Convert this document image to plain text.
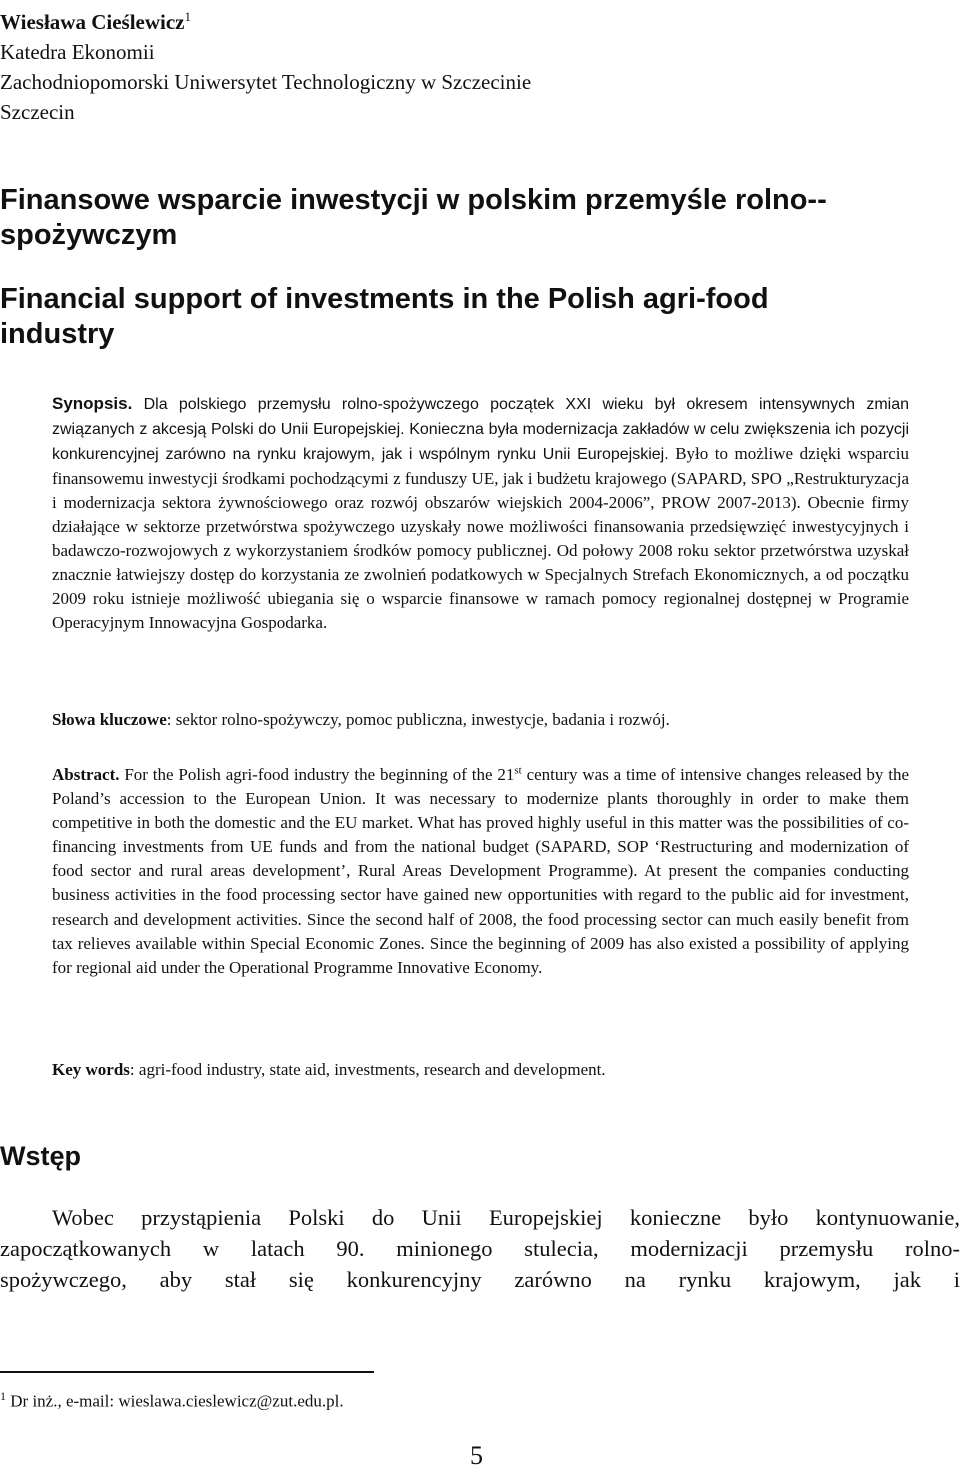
Wiesława Cieślewicz$^1$
Katedra Ekonomii
Zachodniopomorski Uniwersytet Technologiczny w Szczecinie
Szczecin
Finansowe wsparcie inwestycji w polskim przemyśle rolno--spożywczym
Financial support of investments in the Polish agri-food industry

Synopsis. Dla polskiego przemysłu rolno-spożywczego początek XXI wieku był okresem intensywnych zmian związanych z akcesją Polski do Unii Europejskiej. Konieczna była modernizacja zakładów w celu zwiększenia ich pozycji konkurencyjnej zarówno na rynku krajowym, jak i wspólnym rynku Unii Europejskiej. Było to możliwe dzięki wsparciu finansowemu inwestycji środkami pochodzącymi z funduszy UE, jak i budżetu krajowego (SAPARD, SPO „Restrukturyzacja i modernizacja sektora żywnościowego oraz rozwój obszarów wiejskich 2004-2006”, PROW 2007-2013). Obecnie firmy działające w sektorze przetwórstwa spożywczego uzyskały nowe możliwości finansowania przedsięwzięć inwestycyjnych i badawczo-rozwojowych z wykorzystaniem środków pomocy publicznej. Od połowy 2008 roku sektor przetwórstwa uzyskał znacznie łatwiejszy dostęp do korzystania ze zwolnień podatkowych w Specjalnych Strefach Ekonomicznych, a od początku 2009 roku istnieje możliwość ubiegania się o wsparcie finansowe w ramach pomocy regionalnej dostępnej w Programie Operacyjnym Innowacyjna Gospodarka.

Słowa kluczowe: sektor rolno-spożywczy, pomoc publiczna, inwestycje, badania i rozwój.

Abstract. For the Polish agri-food industry the beginning of the 21st century was a time of intensive changes released by the Poland’s accession to the European Union. It was necessary to modernize plants thoroughly in order to make them competitive in both the domestic and the EU market. What has proved highly useful in this matter was the possibilities of co-financing investments from UE funds and from the national budget (SAPARD, SOP ‘Restructuring and modernization of food sector and rural areas development’, Rural Areas Development Programme). At present the companies conducting business activities in the food processing sector have gained new opportunities with regard to the public aid for investment, research and development activities. Since the second half of 2008, the food processing sector can much easily benefit from tax relieves available within Special Economic Zones. Since the beginning of 2009 has also existed a possibility of applying for regional aid under the Operational Programme Innovative Economy.

Key words: agri-food industry, state aid, investments, research and development.

Wstęp

Wobec przystąpienia Polski do Unii Europejskiej konieczne było kontynuowanie,
zapoczątkowanych w latach 90. minionego stulecia, modernizacji przemysłu rolno-
spożywczego, aby stał się konkurencyjny zarówno na rynku krajowym, jak i

$^1$ Dr inż., e-mail: wieslawa.cieslewicz@zut.edu.pl.

5
